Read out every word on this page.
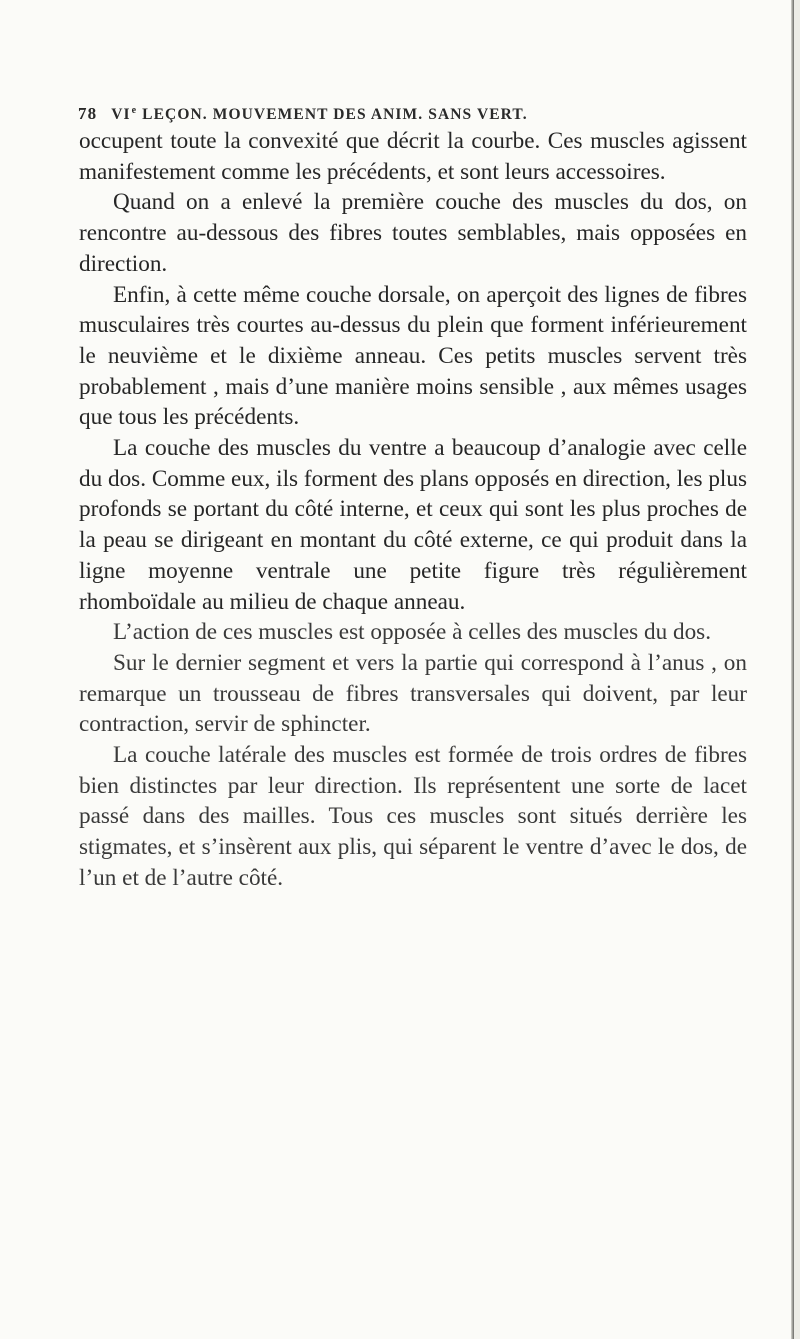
78 VIe LEÇON. MOUVEMENT DES ANIM. SANS VERT.

occupent toute la convexité que décrit la courbe. Ces muscles agissent manifestement comme les précédents, et sont leurs accessoires.

Quand on a enlevé la première couche des muscles du dos, on rencontre au-dessous des fibres toutes semblables, mais opposées en direction.

Enfin, à cette même couche dorsale, on aperçoit des lignes de fibres musculaires très courtes au-dessus du plein que forment inférieurement le neuvième et le dixième anneau. Ces petits muscles servent très probablement , mais d’une manière moins sensible , aux mêmes usages que tous les précédents.

La couche des muscles du ventre a beaucoup d’analogie avec celle du dos. Comme eux, ils forment des plans opposés en direction, les plus profonds se portant du côté interne, et ceux qui sont les plus proches de la peau se dirigeant en montant du côté externe, ce qui produit dans la ligne moyenne ventrale une petite figure très régulièrement rhomboïdale au milieu de chaque anneau.

L’action de ces muscles est opposée à celles des muscles du dos.

Sur le dernier segment et vers la partie qui correspond à l’anus , on remarque un trousseau de fibres transversales qui doivent, par leur contraction, servir de sphincter.

La couche latérale des muscles est formée de trois ordres de fibres bien distinctes par leur direction. Ils représentent une sorte de lacet passé dans des mailles. Tous ces muscles sont situés derrière les stigmates, et s’insèrent aux plis, qui séparent le ventre d’avec le dos, de l’un et de l’autre côté.
